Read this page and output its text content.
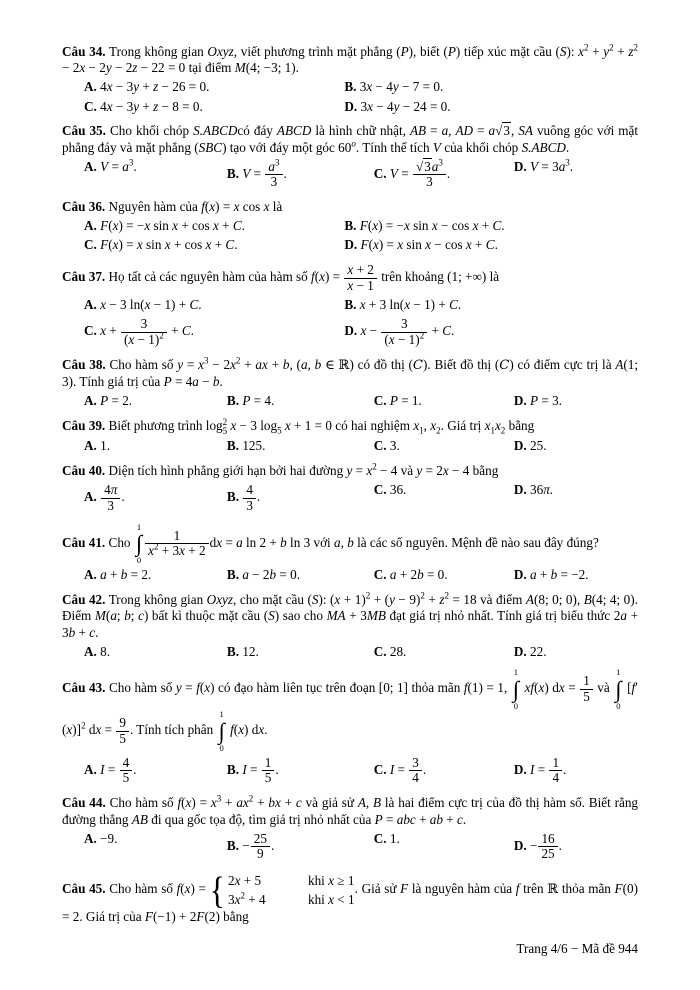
Câu 34. Trong không gian Oxyz, viết phương trình mặt phẳng (P), biết (P) tiếp xúc mặt cầu (S): $x^2 + y^2 + z^2 - 2x - 2y - 2z - 22 = 0$ tại điểm M(4; −3; 1).

A. 4x − 3y + z − 26 = 0.	B. 3x − 4y − 7 = 0.
C. 4x − 3y + z − 8 = 0.	D. 3x − 4y − 24 = 0.

Câu 35. Cho khối chóp S.ABCDcó đáy ABCD là hình chữ nhật, AB = a, AD = a√3, SA vuông góc với mặt phẳng đáy và mặt phẳng (SBC) tạo với đáy một góc 60$^o$. Tính thể tích V của khối chóp S.ABCD.

A. $V = a^3$.	B. $V = \frac{a^3}{3}$ .	C. $V = \frac{√3a^3}{3}$ .	D. $V = 3a^3$.

Câu 36. Nguyên hàm của f(x) = x cos x là

A. F(x) = −x sin x + cos x + C.	B. F(x) = −x sin x − cos x + C.
C. F(x) = x sin x + cos x + C.	D. F(x) = x sin x − cos x + C.

Câu 37. Họ tất cả các nguyên hàm của hàm số $f(x) = \frac{x + 2}{x - 1}$ trên khoảng (1; +∞) là

A. x − 3 ln(x − 1) + C.	B. x + 3 ln(x − 1) + C.
C. $x + \frac{3}{(x - 1)^2} + C$.	D. $x - \frac{3}{(x - 1)^2} + C$.

Câu 38. Cho hàm số $y = x^3 - 2x^2$ + ax + b, (a, b ∈ ℝ) có đồ thị (C). Biết đồ thị (C) có điểm cực trị là A(1; 3). Tính giá trị của P = 4a − b.

A. P = 2.	B. P = 4.	C. P = 1.	D. P = 3.

Câu 39. Biết phương trình log 2
5 x − 3 $\log_5 x + 1 = 0$ có hai nghiệm $x_1$, $x_2$. Giá trị $x_1x_2$ bằng

A. 1.	B. 125.	C. 3.	D. 25.

Câu 40. Diện tích hình phẳng giới hạn bởi hai đường $y = x^2 - 4$ và y = 2x − 4 bằng

A. $\frac{4\pi}{3}$ .	B. $\frac{4}{3}$ .	C. 36.	D. 36π.

Câu 41. Cho
1
∫
0
$\frac{1}{x^2 + 3x + 2}$ dx = a ln 2 + b ln 3 với a, b là các số nguyên. Mệnh đề nào sau đây đúng?

A. a + b = 2.	B. a − 2b = 0.	C. a + 2b = 0.	D. a + b = −2.

Câu 42. Trong không gian Oxyz, cho mặt cầu (S): $(x + 1)^2 + (y - 9)^2 + z^2 = 18$ và điểm A(8; 0; 0), B(4; 4; 0). Điểm M(a; b; c) bất kì thuộc mặt cầu (S) sao cho MA + 3MB đạt giá trị nhỏ nhất. Tính giá trị biểu thức 2a + 3b + c.

A. 8.	B. 12.	C. 28.	D. 22.

Câu 43. Cho hàm số y = f(x) có đạo hàm liên tục trên đoạn [0; 1] thỏa mãn f(1) = 1,
1
∫
0
xf(x) dx = $\frac{1}{5}$ và
1
∫
0
$[f'(x)]^2$ dx = $\frac{9}{5}$ . Tính tích phân
1
∫
0
f(x) dx.

A. $I = \frac{4}{5}$ .	B. $I = \frac{1}{5}$ .	C. $I = \frac{3}{4}$ .	D. $I = \frac{1}{4}$ .

Câu 44. Cho hàm số $f(x) = x^3 + ax^2$ + bx + c và giả sử A, B là hai điểm cực trị của đồ thị hàm số. Biết rằng đường thẳng AB đi qua gốc tọa độ, tìm giá trị nhỏ nhất của P = abc + ab + c.

A. −9.	B. − $\frac{25}{9}$ .	C. 1.	D. − $\frac{16}{25}$ .

Câu 45. Cho hàm số f(x) = { 2x + 5	khi x ≥ 1
$3x^2 + 4$	khi x < 1
. Giả sử F là nguyên hàm của f trên ℝ thỏa mãn F(0) = 2. Giá trị của F(−1) + 2F(2) bằng

Trang 4/6 − Mã đề 944
